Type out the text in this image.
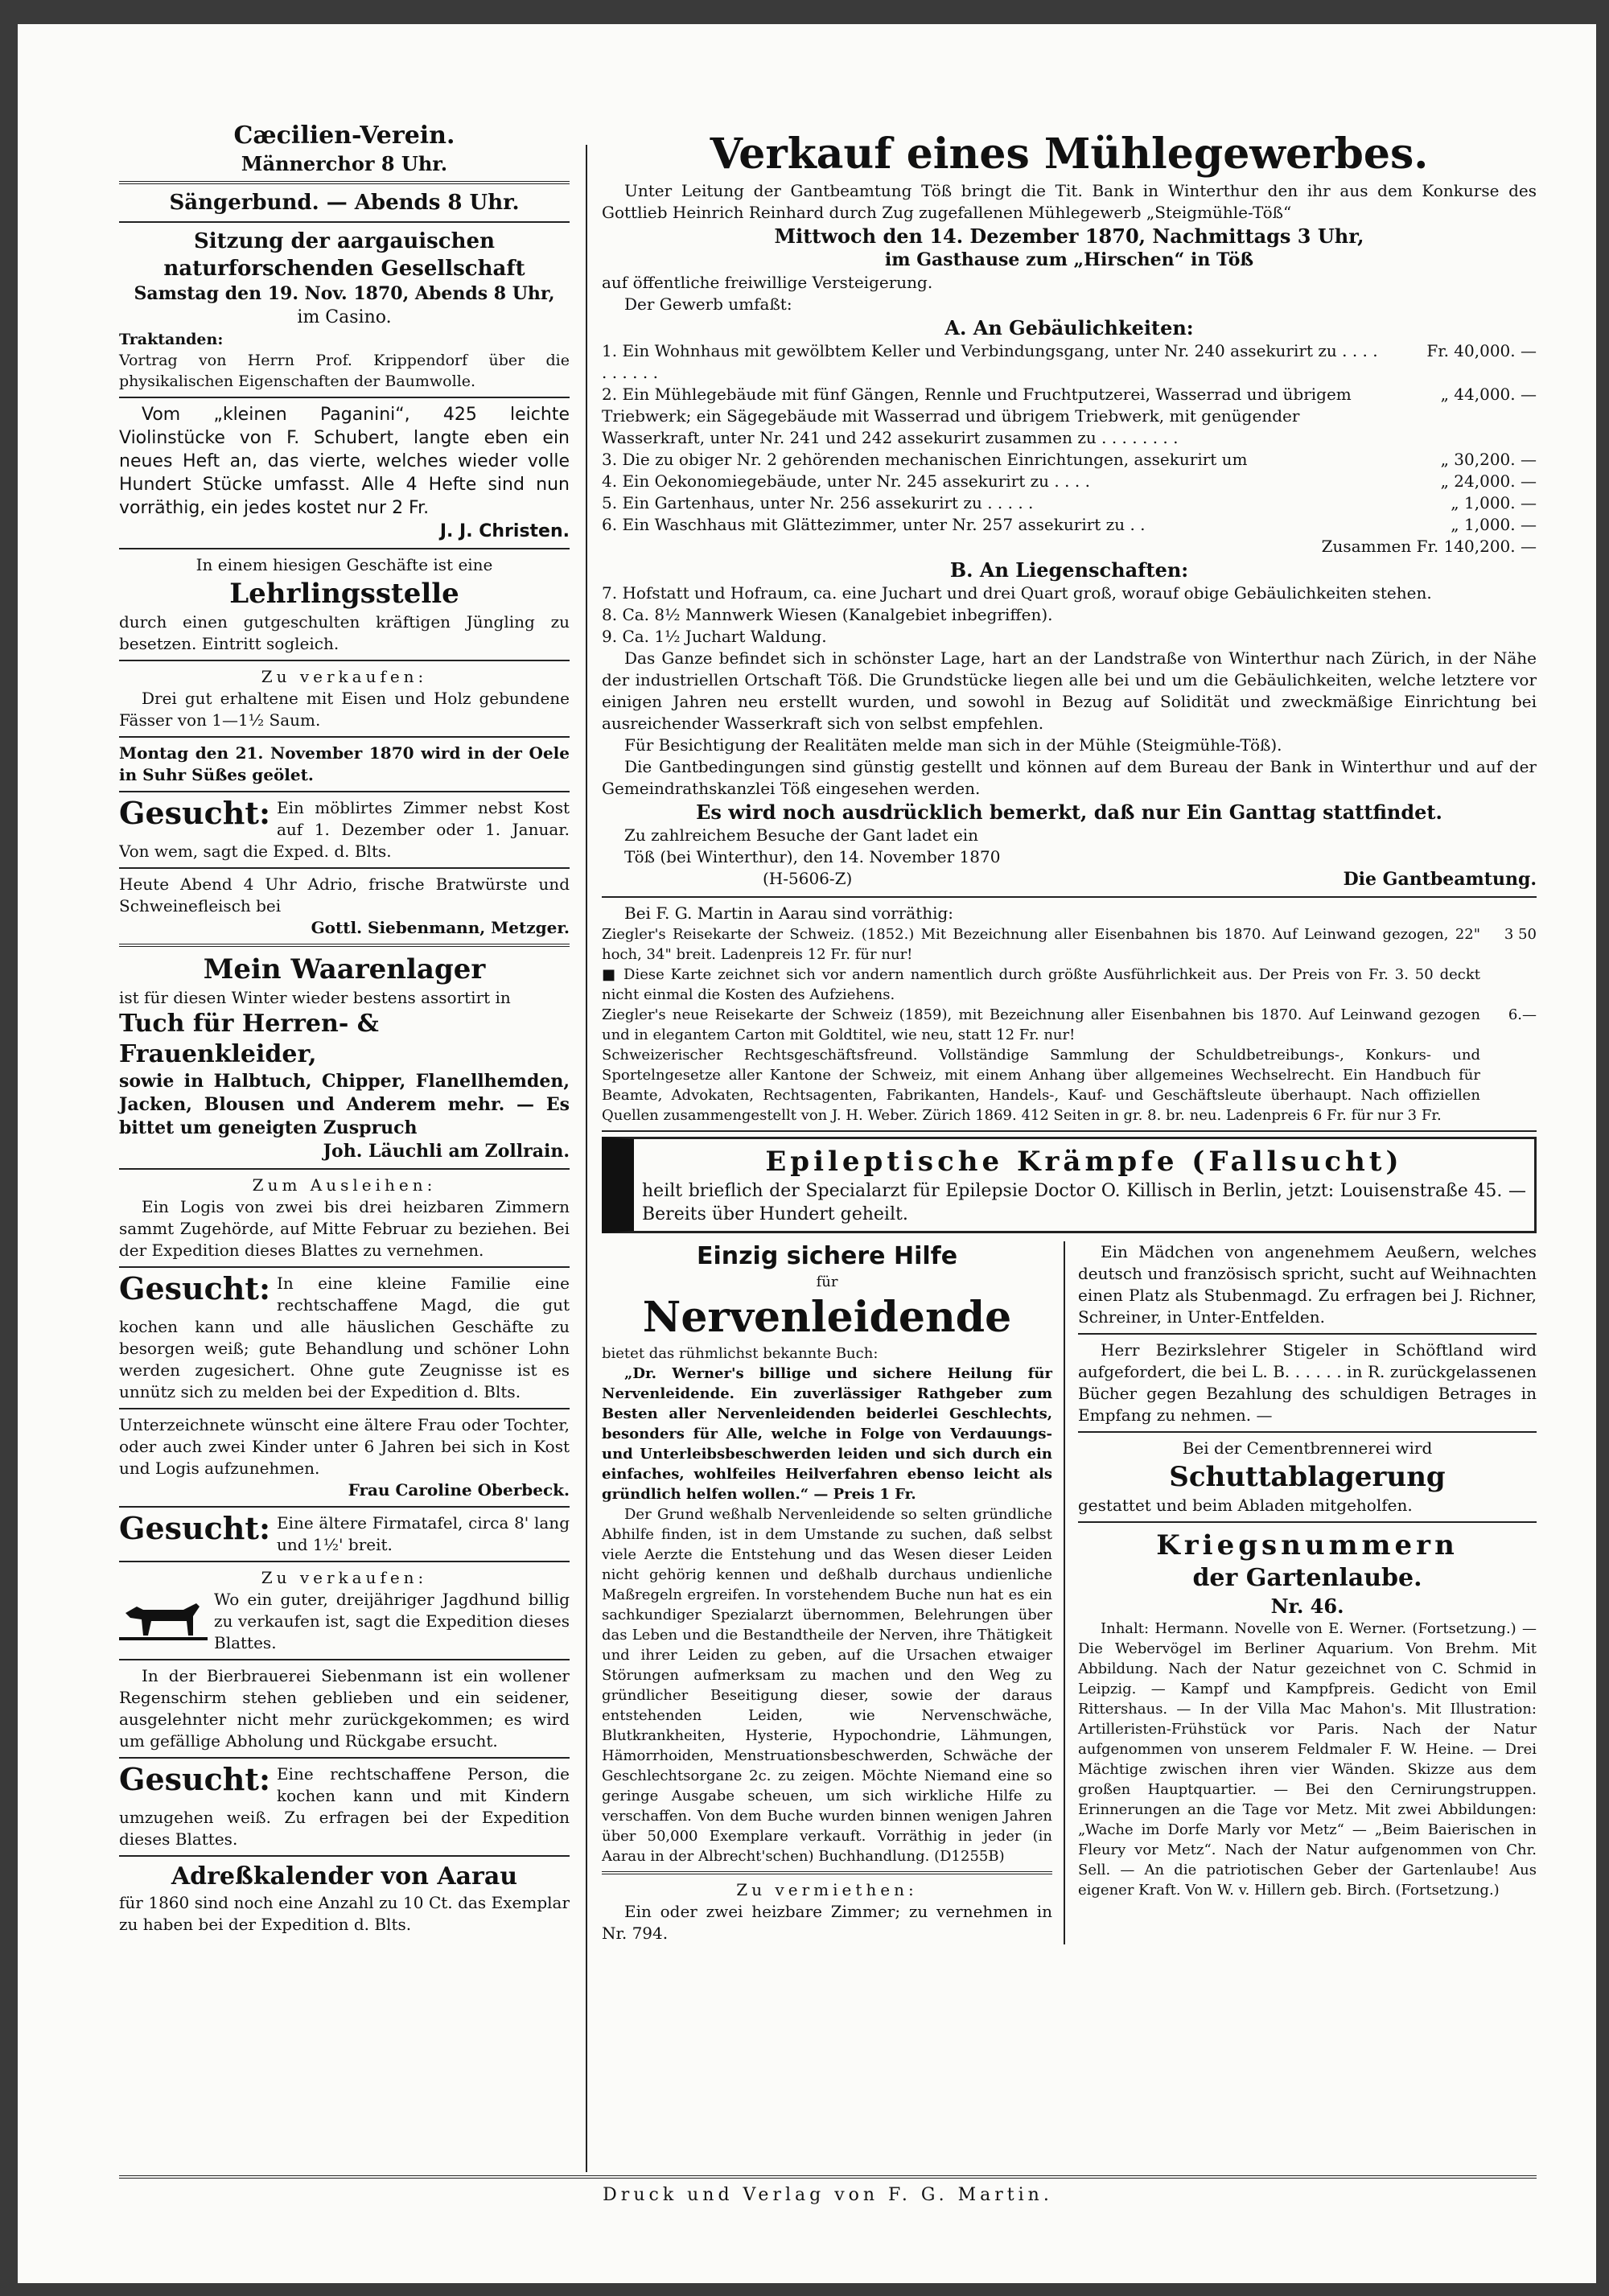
Cæcilien-Verein.

Männerchor 8 Uhr.

Sängerbund. — Abends 8 Uhr.

Sitzung der aargauischen naturforschenden Gesellschaft

Samstag den 19. Nov. 1870, Abends 8 Uhr,

im Casino.

Traktanden:

Vortrag von Herrn Prof. Krippendorf über die physikalischen Eigenschaften der Baumwolle.

Vom „kleinen Paganini“, 425 leichte Violinstücke von F. Schubert, langte eben ein neues Heft an, das vierte, welches wieder volle Hundert Stücke umfasst. Alle 4 Hefte sind nun vorräthig, ein jedes kostet nur 2 Fr.

J. J. Christen.

In einem hiesigen Geschäfte ist eine

Lehrlingsstelle

durch einen gutgeschulten kräftigen Jüngling zu besetzen. Eintritt sogleich.

Zu verkaufen:

Drei gut erhaltene mit Eisen und Holz gebundene Fässer von 1—1½ Saum.

Montag den 21. November 1870 wird in der Oele in Suhr Süßes geölet.

Gesucht: Ein möblirtes Zimmer nebst Kost auf 1. Dezember oder 1. Januar. Von wem, sagt die Exped. d. Blts.

Heute Abend 4 Uhr Adrio, frische Bratwürste und Schweinefleisch bei

Gottl. Siebenmann, Metzger.

Mein Waarenlager

ist für diesen Winter wieder bestens assortirt in

Tuch für Herren- & Frauenkleider,

sowie in Halbtuch, Chipper, Flanellhemden, Jacken, Blousen und Anderem mehr. — Es bittet um geneigten Zuspruch

Joh. Läuchli am Zollrain.

Zum Ausleihen:

Ein Logis von zwei bis drei heizbaren Zimmern sammt Zugehörde, auf Mitte Februar zu beziehen. Bei der Expedition dieses Blattes zu vernehmen.

Gesucht: In eine kleine Familie eine rechtschaffene Magd, die gut kochen kann und alle häuslichen Geschäfte zu besorgen weiß; gute Behandlung und schöner Lohn werden zugesichert. Ohne gute Zeugnisse ist es unnütz sich zu melden bei der Expedition d. Blts.

Unterzeichnete wünscht eine ältere Frau oder Tochter, oder auch zwei Kinder unter 6 Jahren bei sich in Kost und Logis aufzunehmen.

Frau Caroline Oberbeck.

Gesucht: Eine ältere Firmatafel, circa 8' lang und 1½' breit.

Zu verkaufen:

Wo ein guter, dreijähriger Jagdhund billig zu verkaufen ist, sagt die Expedition dieses Blattes.

In der Bierbrauerei Siebenmann ist ein wollener Regenschirm stehen geblieben und ein seidener, ausgelehnter nicht mehr zurückgekommen; es wird um gefällige Abholung und Rückgabe ersucht.

Gesucht: Eine rechtschaffene Person, die kochen kann und mit Kindern umzugehen weiß. Zu erfragen bei der Expedition dieses Blattes.

Adreßkalender von Aarau

für 1860 sind noch eine Anzahl zu 10 Ct. das Exemplar zu haben bei der Expedition d. Blts.

Verkauf eines Mühlegewerbes.

Unter Leitung der Gantbeamtung Töß bringt die Tit. Bank in Winterthur den ihr aus dem Konkurse des Gottlieb Heinrich Reinhard durch Zug zugefallenen Mühlegewerb „Steigmühle-Töß“

Mittwoch den 14. Dezember 1870, Nachmittags 3 Uhr,

im Gasthause zum „Hirschen“ in Töß

auf öffentliche freiwillige Versteigerung.

Der Gewerb umfaßt:

A. An Gebäulichkeiten:

1. Ein Wohnhaus mit gewölbtem Keller und Verbindungsgang, unter Nr. 240 assekurirt zu . . . . . . . . . .
Fr. 40,000. —
2. Ein Mühlegebäude mit fünf Gängen, Rennle und Fruchtputzerei, Wasserrad und übrigem Triebwerk; ein Sägegebäude mit Wasserrad und übrigem Triebwerk, mit genügender Wasserkraft, unter Nr. 241 und 242 assekurirt zusammen zu . . . . . . . .
„ 44,000. —
3. Die zu obiger Nr. 2 gehörenden mechanischen Einrichtungen, assekurirt um	„ 30,200. —
4. Ein Oekonomiegebäude, unter Nr. 245 assekurirt zu . . . .	„ 24,000. —
5. Ein Gartenhaus, unter Nr. 256 assekurirt zu . . . . .	„ 1,000. —
6. Ein Waschhaus mit Glättezimmer, unter Nr. 257 assekurirt zu . .	„ 1,000. —

Zusammen Fr. 140,200. —

B. An Liegenschaften:

7. Hofstatt und Hofraum, ca. eine Juchart und drei Quart groß, worauf obige Gebäulichkeiten stehen.

8. Ca. 8½ Mannwerk Wiesen (Kanalgebiet inbegriffen).

9. Ca. 1½ Juchart Waldung.

Das Ganze befindet sich in schönster Lage, hart an der Landstraße von Winterthur nach Zürich, in der Nähe der industriellen Ortschaft Töß. Die Grundstücke liegen alle bei und um die Gebäulichkeiten, welche letztere vor einigen Jahren neu erstellt wurden, und sowohl in Bezug auf Solidität und zweckmäßige Einrichtung bei ausreichender Wasserkraft sich von selbst empfehlen.

Für Besichtigung der Realitäten melde man sich in der Mühle (Steigmühle-Töß).

Die Gantbedingungen sind günstig gestellt und können auf dem Bureau der Bank in Winterthur und auf der Gemeindrathskanzlei Töß eingesehen werden.

Es wird noch ausdrücklich bemerkt, daß nur Ein Ganttag stattfindet.

Zu zahlreichem Besuche der Gant ladet ein

Töß (bei Winterthur), den 14. November 1870

(H-5606-Z)	Die Gantbeamtung.

Bei F. G. Martin in Aarau sind vorräthig:

Ziegler's Reisekarte der Schweiz. (1852.) Mit Bezeichnung aller Eisenbahnen bis 1870. Auf Leinwand gezogen, 22" hoch, 34" breit. Ladenpreis 12 Fr. für nur!
3 50
■ Diese Karte zeichnet sich vor andern namentlich durch größte Ausführlichkeit aus. Der Preis von Fr. 3. 50 deckt nicht einmal die Kosten des Aufziehens.
Ziegler's neue Reisekarte der Schweiz (1859), mit Bezeichnung aller Eisenbahnen bis 1870. Auf Leinwand gezogen und in elegantem Carton mit Goldtitel, wie neu, statt 12 Fr. nur!
6.—
Schweizerischer Rechtsgeschäftsfreund. Vollständige Sammlung der Schuldbetreibungs-, Konkurs- und Sportelngesetze aller Kantone der Schweiz, mit einem Anhang über allgemeines Wechselrecht. Ein Handbuch für Beamte, Advokaten, Rechtsagenten, Fabrikanten, Handels-, Kauf- und Geschäftsleute überhaupt. Nach offiziellen Quellen zusammengestellt von J. H. Weber. Zürich 1869. 412 Seiten in gr. 8. br. neu. Ladenpreis 6 Fr. für nur 3 Fr.

Epileptische Krämpfe (Fallsucht)

heilt brieflich der Specialarzt für Epilepsie Doctor O. Killisch in Berlin, jetzt: Louisenstraße 45. — Bereits über Hundert geheilt.

Einzig sichere Hilfe

für

Nervenleidende

bietet das rühmlichst bekannte Buch:

„Dr. Werner's billige und sichere Heilung für Nervenleidende. Ein zuverlässiger Rathgeber zum Besten aller Nervenleidenden beiderlei Geschlechts, besonders für Alle, welche in Folge von Verdauungs- und Unterleibsbeschwerden leiden und sich durch ein einfaches, wohlfeiles Heilverfahren ebenso leicht als gründlich helfen wollen.“ — Preis 1 Fr.

Der Grund weßhalb Nervenleidende so selten gründliche Abhilfe finden, ist in dem Umstande zu suchen, daß selbst viele Aerzte die Entstehung und das Wesen dieser Leiden nicht gehörig kennen und deßhalb durchaus undienliche Maßregeln ergreifen. In vorstehendem Buche nun hat es ein sachkundiger Spezialarzt übernommen, Belehrungen über das Leben und die Bestandtheile der Nerven, ihre Thätigkeit und ihrer Leiden zu geben, auf die Ursachen etwaiger Störungen aufmerksam zu machen und den Weg zu gründlicher Beseitigung dieser, sowie der daraus entstehenden Leiden, wie Nervenschwäche, Blutkrankheiten, Hysterie, Hypochondrie, Lähmungen, Hämorrhoiden, Menstruationsbeschwerden, Schwäche der Geschlechtsorgane 2c. zu zeigen. Möchte Niemand eine so geringe Ausgabe scheuen, um sich wirkliche Hilfe zu verschaffen. Von dem Buche wurden binnen wenigen Jahren über 50,000 Exemplare verkauft. Vorräthig in jeder (in Aarau in der Albrecht'schen) Buchhandlung. (D1255B)

Zu vermiethen:

Ein oder zwei heizbare Zimmer; zu vernehmen in Nr. 794.

Ein Mädchen von angenehmem Aeußern, welches deutsch und französisch spricht, sucht auf Weihnachten einen Platz als Stubenmagd. Zu erfragen bei J. Richner, Schreiner, in Unter-Entfelden.

Herr Bezirkslehrer Stigeler in Schöftland wird aufgefordert, die bei L. B. . . . . . in R. zurückgelassenen Bücher gegen Bezahlung des schuldigen Betrages in Empfang zu nehmen. —

Bei der Cementbrennerei wird

Schuttablagerung

gestattet und beim Abladen mitgeholfen.

Kriegsnummern

der Gartenlaube.

Nr. 46.

Inhalt: Hermann. Novelle von E. Werner. (Fortsetzung.) — Die Webervögel im Berliner Aquarium. Von Brehm. Mit Abbildung. Nach der Natur gezeichnet von C. Schmid in Leipzig. — Kampf und Kampfpreis. Gedicht von Emil Rittershaus. — In der Villa Mac Mahon's. Mit Illustration: Artilleristen-Frühstück vor Paris. Nach der Natur aufgenommen von unserem Feldmaler F. W. Heine. — Drei Mächtige zwischen ihren vier Wänden. Skizze aus dem großen Hauptquartier. — Bei den Cernirungstruppen. Erinnerungen an die Tage vor Metz. Mit zwei Abbildungen: „Wache im Dorfe Marly vor Metz“ — „Beim Baierischen in Fleury vor Metz“. Nach der Natur aufgenommen von Chr. Sell. — An die patriotischen Geber der Gartenlaube! Aus eigener Kraft. Von W. v. Hillern geb. Birch. (Fortsetzung.)

Druck und Verlag von F. G. Martin.
